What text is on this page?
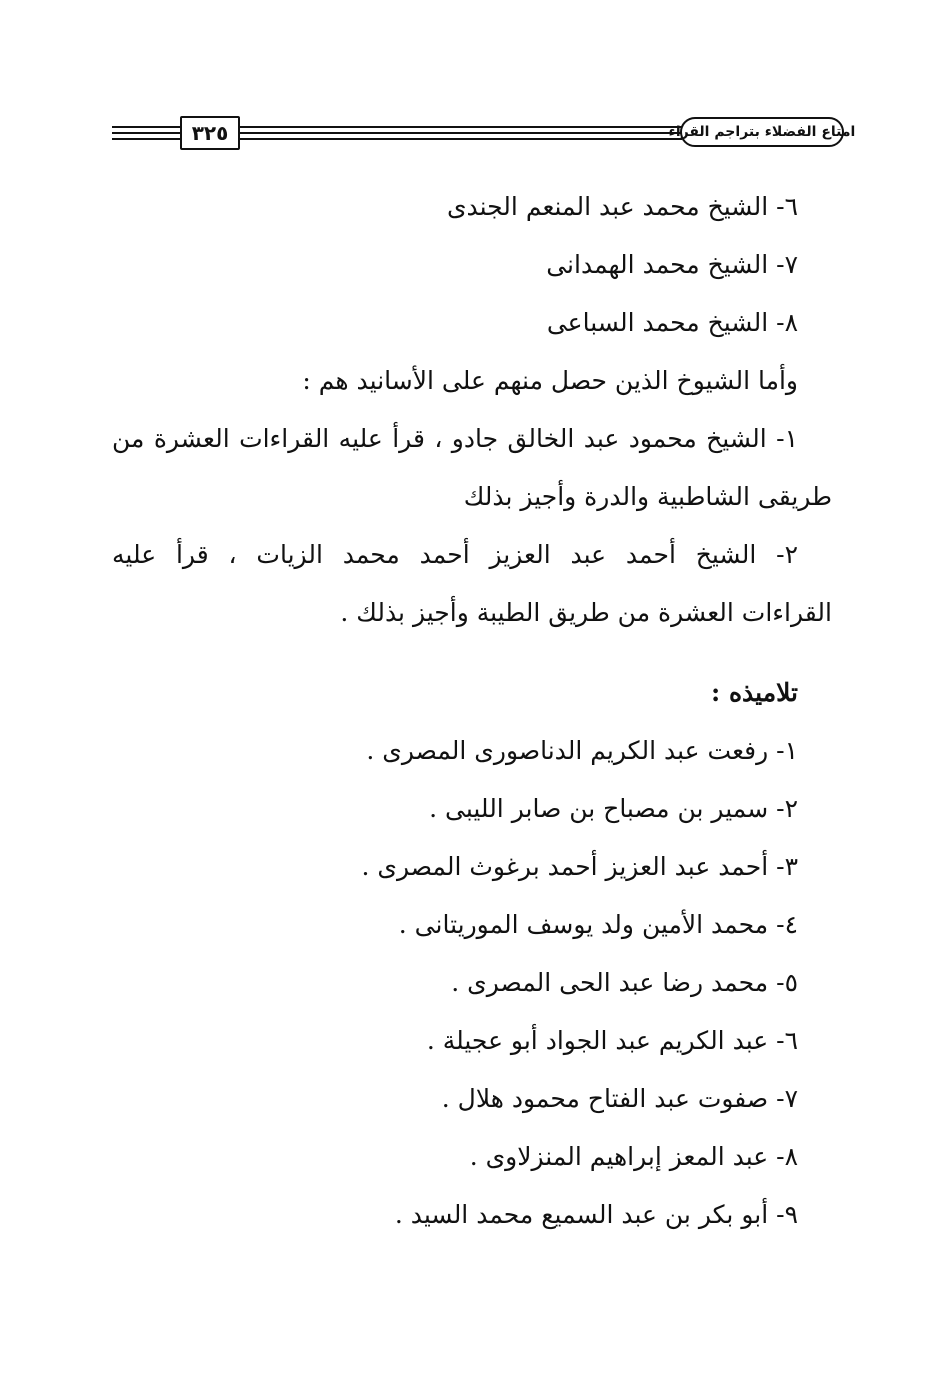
٣٢٥	امتاع الفضلاء بتراجم القراء
٦- الشيخ محمد عبد المنعم الجندى
٧- الشيخ محمد الهمدانى
٨- الشيخ محمد السباعى
وأما الشيوخ الذين حصل منهم على الأسانيد هم :
١- الشيخ محمود عبد الخالق جادو ، قرأ عليه القراءات العشرة من
طريقى الشاطبية والدرة وأجيز بذلك
٢- الشيخ أحمد عبد العزيز أحمد محمد الزيات ، قرأ عليه
القراءات العشرة من طريق الطيبة وأجيز بذلك .
تلاميذه :
١- رفعت عبد الكريم الدناصورى المصرى .
٢- سمير بن مصباح بن صابر الليبى .
٣- أحمد عبد العزيز أحمد برغوث المصرى .
٤- محمد الأمين ولد يوسف الموريتانى .
٥- محمد رضا عبد الحى المصرى .
٦- عبد الكريم عبد الجواد أبو عجيلة .
٧- صفوت عبد الفتاح محمود هلال .
٨- عبد المعز إبراهيم المنزلاوى .
٩- أبو بكر بن عبد السميع محمد السيد .
